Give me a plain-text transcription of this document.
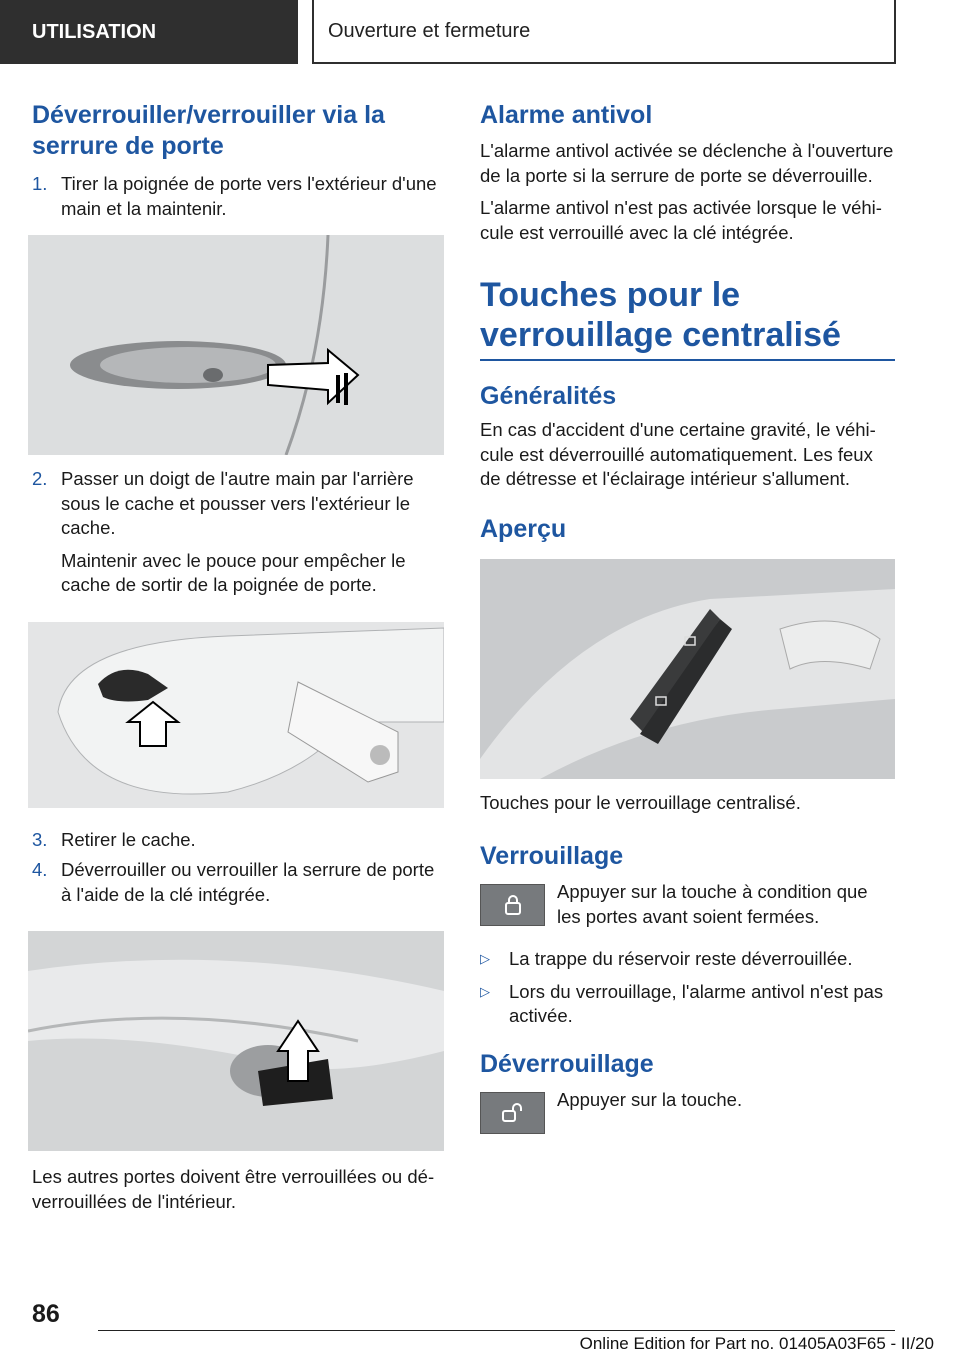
UTILISATION	Ouverture et fermeture
Déverrouiller/verrouiller via la serrure de porte
1. Tirer la poignée de porte vers l'extérieur d'une main et la maintenir.
2. Passer un doigt de l'autre main par l'arrière sous le cache et pousser vers l'extérieur le cache.

Maintenir avec le pouce pour empêcher le cache de sortir de la poignée de porte.

3. Retirer le cache.
4. Déverrouiller ou verrouiller la serrure de porte à l'aide de la clé intégrée.

Les autres portes doivent être verrouillées ou déverrouillées de l'intérieur.

Alarme antivol

L'alarme antivol activée se déclenche à l'ouverture de la porte si la serrure de porte se déverrouille.

L'alarme antivol n'est pas activée lorsque le véhicule est verrouillé avec la clé intégrée.

Touches pour le verrouillage centralisé
Généralités

En cas d'accident d'une certaine gravité, le véhicule est déverrouillé automatiquement. Les feux de détresse et l'éclairage intérieur s'allument.

Aperçu

Touches pour le verrouillage centralisé.

Verrouillage

Appuyer sur la touche à condition que les portes avant soient fermées.

▷	La trappe du réservoir reste déverrouillée.
▷	Lors du verrouillage, l'alarme antivol n'est pas activée.
Déverrouillage

Appuyer sur la touche.

86
Online Edition for Part no. 01405A03F65 - II/20
